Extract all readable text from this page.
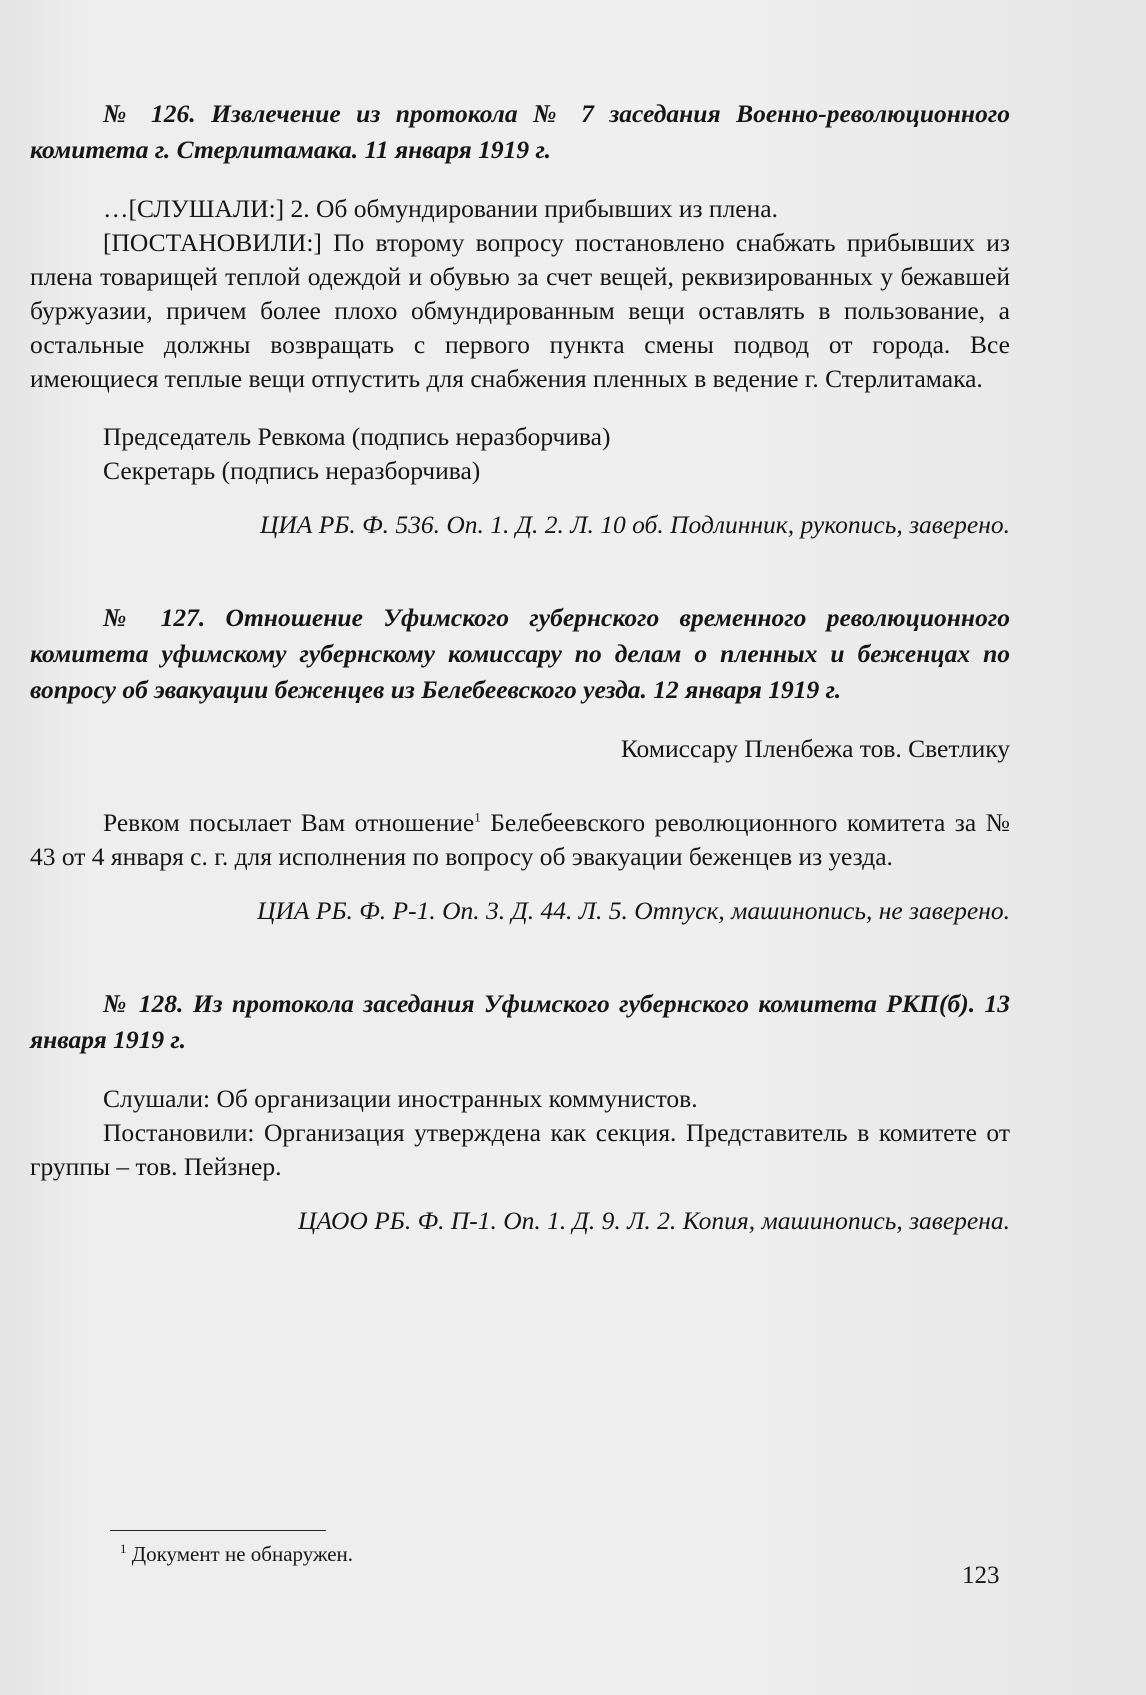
№ 126. Извлечение из протокола № 7 заседания Военно-революционного комитета г. Стерлитамака. 11 января 1919 г.

…[СЛУШАЛИ:] 2. Об обмундировании прибывших из плена.

[ПОСТАНОВИЛИ:] По второму вопросу постановлено снабжать прибывших из плена товарищей теплой одеждой и обувью за счет вещей, реквизированных у бежавшей буржуазии, причем более плохо обмундированным вещи оставлять в пользование, а остальные должны возвращать с первого пункта смены подвод от города. Все имеющиеся теплые вещи отпустить для снабжения пленных в ведение г. Стерлитамака.

Председатель Ревкома (подпись неразборчива)

Секретарь (подпись неразборчива)

ЦИА РБ. Ф. 536. Оп. 1. Д. 2. Л. 10 об. Подлинник, рукопись, заверено.

№ 127. Отношение Уфимского губернского временного революционного комитета уфимскому губернскому комиссару по делам о пленных и беженцах по вопросу об эвакуации беженцев из Белебеевского уезда. 12 января 1919 г.

Комиссару Пленбежа тов. Светлику

Ревком посылает Вам отношение$^1$ Белебеевского революционного комитета за № 43 от 4 января с. г. для исполнения по вопросу об эвакуации беженцев из уезда.

ЦИА РБ. Ф. Р-1. Оп. 3. Д. 44. Л. 5. Отпуск, машинопись, не заверено.

№ 128. Из протокола заседания Уфимского губернского комитета РКП(б). 13 января 1919 г.

Слушали: Об организации иностранных коммунистов.

Постановили: Организация утверждена как секция. Представитель в комитете от группы – тов. Пейзнер.

ЦАОО РБ. Ф. П-1. Оп. 1. Д. 9. Л. 2. Копия, машинопись, заверена.

$^1$ Документ не обнаружен.
123
